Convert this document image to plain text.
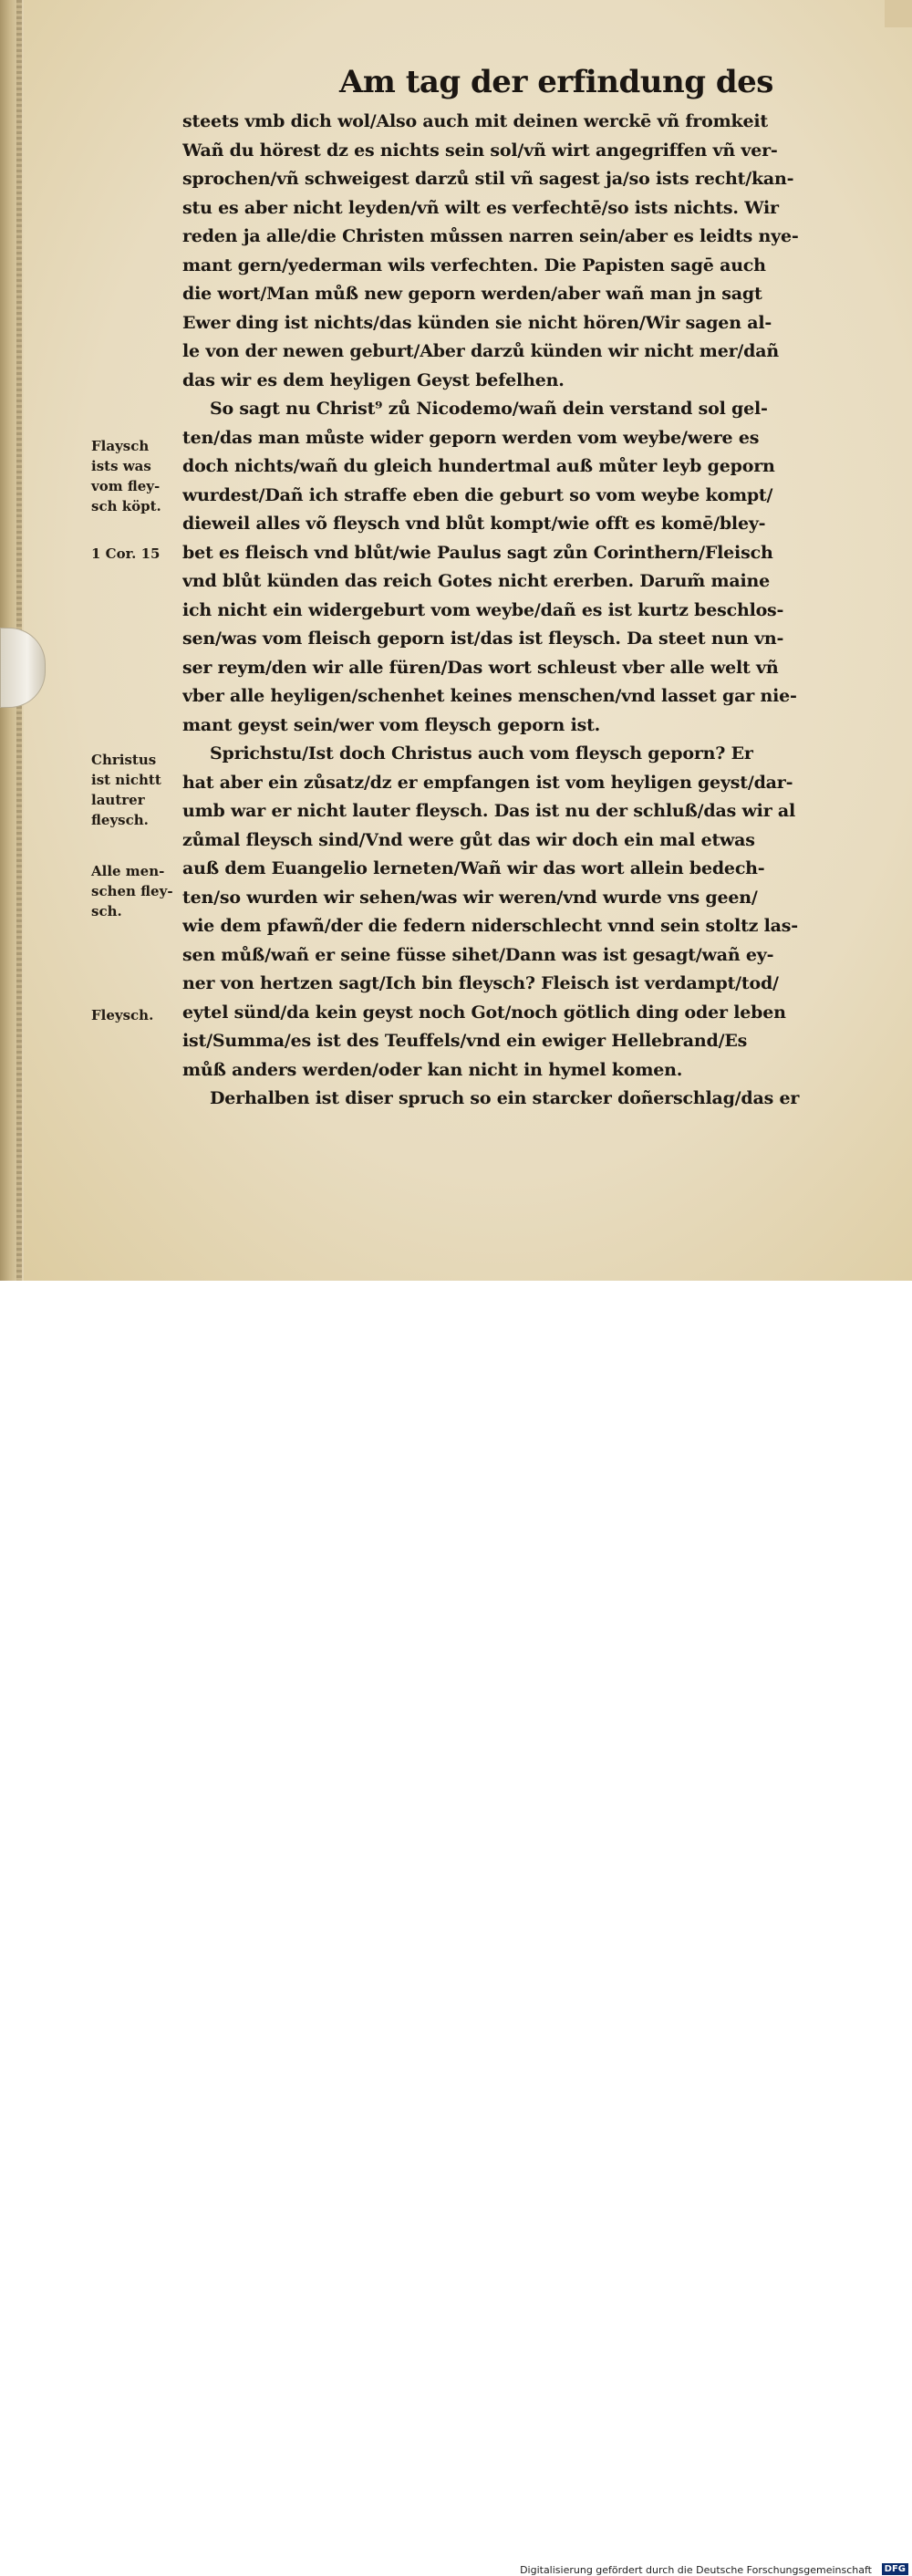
Am tag der erfindung des
steets vmb dich wol/Also auch mit deinen werckē vñ fromkeit
Wañ du hörest dz es nichts sein sol/vñ wirt angegriffen vñ ver‑
sprochen/vñ schweigest darzů stil vñ sagest ja/so ists recht/kan‑
stu es aber nicht leyden/vñ wilt es verfechtē/so ists nichts. Wir
reden ja alle/die Christen můssen narren sein/aber es leidts nye‑
mant gern/yederman wils verfechten. Die Papisten sagē auch
die wort/Man můß new geporn werden/aber wañ man jn sagt
Ewer ding ist nichts/das künden sie nicht hören/Wir sagen al‑
le von der newen geburt/Aber darzů künden wir nicht mer/dañ
das wir es dem heyligen Geyst befelhen.
So sagt nu Christ⁹ zů Nicodemo/wañ dein verstand sol gel‑
ten/das man můste wider geporn werden vom weybe/were es
doch nichts/wañ du gleich hundertmal auß můter leyb geporn
wurdest/Dañ ich straffe eben die geburt so vom weybe kompt/
dieweil alles võ fleysch vnd blůt kompt/wie offt es komē/bley‑
bet es fleisch vnd blůt/wie Paulus sagt zůn Corinthern/Fleisch
vnd blůt künden das reich Gotes nicht ererben. Darum̃ maine
ich nicht ein widergeburt vom weybe/dañ es ist kurtz beschlos‑
sen/was vom fleisch geporn ist/das ist fleysch. Da steet nun vn‑
ser reym/den wir alle füren/Das wort schleust vber alle welt vñ
vber alle heyligen/schenhet keines menschen/vnd lasset gar nie‑
mant geyst sein/wer vom fleysch geporn ist.
Sprichstu/Ist doch Christus auch vom fleysch geporn? Er
hat aber ein zůsatz/dz er empfangen ist vom heyligen geyst/dar‑
umb war er nicht lauter fleysch. Das ist nu der schluß/das wir al
zůmal fleysch sind/Vnd were gůt das wir doch ein mal etwas
auß dem Euangelio lerneten/Wañ wir das wort allein bedech‑
ten/so wurden wir sehen/was wir weren/vnd wurde vns geen/
wie dem pfawñ/der die federn niderschlecht vnnd sein stoltz las‑
sen můß/wañ er seine füsse sihet/Dann was ist gesagt/wañ ey‑
ner von hertzen sagt/Ich bin fleysch? Fleisch ist verdampt/tod/
eytel sünd/da kein geyst noch Got/noch götlich ding oder leben
ist/Summa/es ist des Teuffels/vnd ein ewiger Hellebrand/Es
můß anders werden/oder kan nicht in hymel komen.
Derhalben ist diser spruch so ein starcker doñerschlag/das er
Flaysch ists was vom fley‑ sch köpt.
1 Cor. 15
Christus ist nichtt lautrer fleysch.
Alle men‑ schen fley‑ sch.
Fleysch.
Digitalisierung gefördert durch die Deutsche Forschungsgemeinschaft	DFG
